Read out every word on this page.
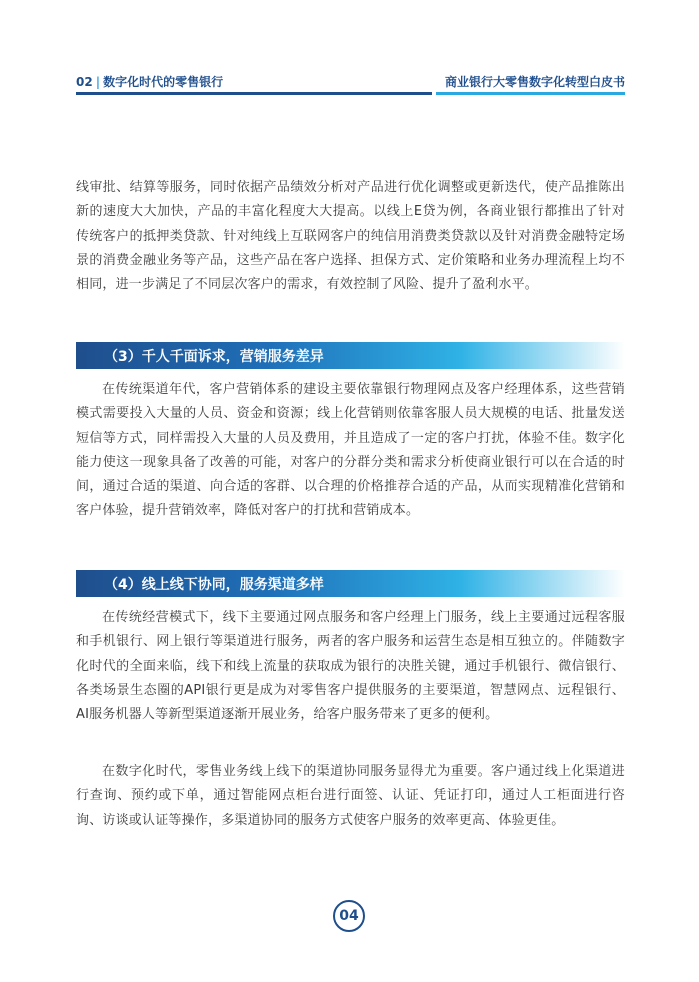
02 | 数字化时代的零售银行	商业银行大零售数字化转型白皮书
线审批、结算等服务，同时依据产品绩效分析对产品进行优化调整或更新迭代，使产品推陈出新的速度大大加快，产品的丰富化程度大大提高。以线上E贷为例，各商业银行都推出了针对传统客户的抵押类贷款、针对纯线上互联网客户的纯信用消费类贷款以及针对消费金融特定场景的消费金融业务等产品，这些产品在客户选择、担保方式、定价策略和业务办理流程上均不相同，进一步满足了不同层次客户的需求，有效控制了风险、提升了盈利水平。
（3）千人千面诉求，营销服务差异
在传统渠道年代，客户营销体系的建设主要依靠银行物理网点及客户经理体系，这些营销模式需要投入大量的人员、资金和资源；线上化营销则依靠客服人员大规模的电话、批量发送短信等方式，同样需投入大量的人员及费用，并且造成了一定的客户打扰，体验不佳。数字化能力使这一现象具备了改善的可能，对客户的分群分类和需求分析使商业银行可以在合适的时间，通过合适的渠道、向合适的客群、以合理的价格推荐合适的产品，从而实现精准化营销和客户体验，提升营销效率，降低对客户的打扰和营销成本。
（4）线上线下协同，服务渠道多样
在传统经营模式下，线下主要通过网点服务和客户经理上门服务，线上主要通过远程客服和手机银行、网上银行等渠道进行服务，两者的客户服务和运营生态是相互独立的。伴随数字化时代的全面来临，线下和线上流量的获取成为银行的决胜关键，通过手机银行、微信银行、各类场景生态圈的API银行更是成为对零售客户提供服务的主要渠道，智慧网点、远程银行、AI服务机器人等新型渠道逐渐开展业务，给客户服务带来了更多的便利。
在数字化时代，零售业务线上线下的渠道协同服务显得尤为重要。客户通过线上化渠道进行查询、预约或下单，通过智能网点柜台进行面签、认证、凭证打印，通过人工柜面进行咨询、访谈或认证等操作，多渠道协同的服务方式使客户服务的效率更高、体验更佳。
04
